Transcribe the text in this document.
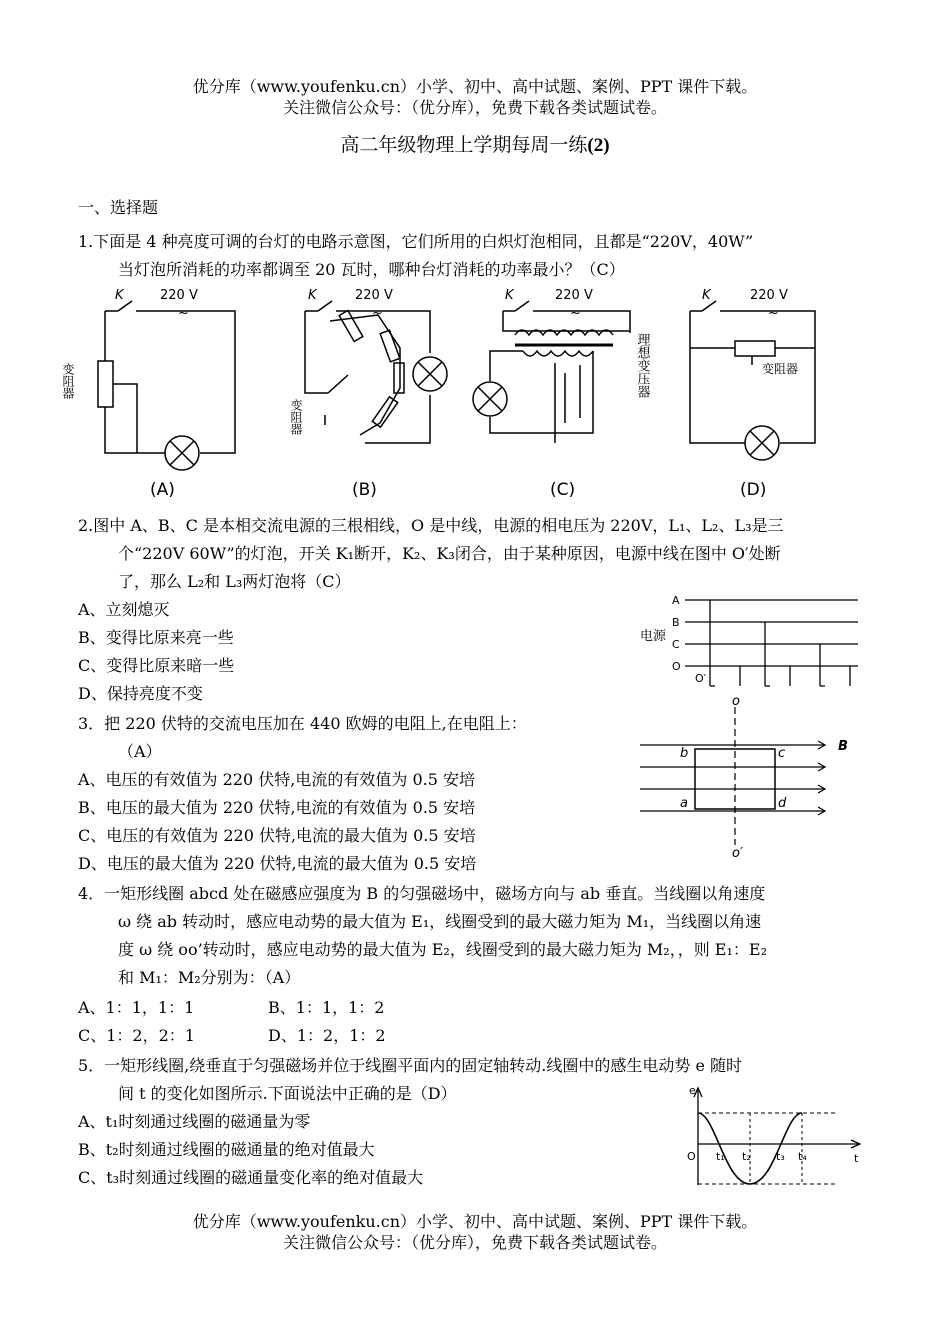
优分库（www.youfenku.cn）小学、初中、高中试题、案例、PPT 课件下载。
关注微信公众号：（优分库），免费下载各类试题试卷。
高二年级物理上学期每周一练(2)
一、选择题
1.下面是 4 种亮度可调的台灯的电路示意图，它们所用的白炽灯泡相同，且都是“220V，40W”
当灯泡所消耗的功率都调至 20 瓦时，哪种台灯消耗的功率最小？（C）
K	220 V
~
变阻器
(A)
K	220 V
~
变阻器
(B)
K	220 V
~
理想变压器
(C)
K	220 V
~
变阻器
(D)
2.图中 A、B、C 是本相交流电源的三根相线，O 是中线，电源的相电压为 220V，L₁、L₂、L₃是三
个“220V 60W”的灯泡，开关 K₁断开，K₂、K₃闭合，由于某种原因，电源中线在图中 O′处断
了，那么 L₂和 L₃两灯泡将（C）
A、立刻熄灭
B、变得比原来亮一些
C、变得比原来暗一些
D、保持亮度不变
A
B
C
O
电源
O′
3．把 220 伏特的交流电压加在 440 欧姆的电阻上,在电阻上：
（A）
A、电压的有效值为 220 伏特,电流的有效值为 0.5 安培
B、电压的最大值为 220 伏特,电流的有效值为 0.5 安培
C、电压的有效值为 220 伏特,电流的最大值为 0.5 安培
D、电压的最大值为 220 伏特,电流的最大值为 0.5 安培
o
o′
b	c
a	d
B
4．一矩形线圈 abcd 处在磁感应强度为 B 的匀强磁场中，磁场方向与 ab 垂直。当线圈以角速度
ω 绕 ab 转动时，感应电动势的最大值为 E₁，线圈受到的最大磁力矩为 M₁，当线圈以角速
度 ω 绕 oo’转动时，感应电动势的最大值为 E₂，线圈受到的最大磁力矩为 M₂，，则 E₁：E₂
和 M₁：M₂分别为：（A）
A、1：1，1：1	B、1：1，1：2
C、1：2，2：1	D、1：2，1：2
5．一矩形线圈,绕垂直于匀强磁场并位于线圈平面内的固定轴转动.线圈中的感生电动势 e 随时
间 t 的变化如图所示.下面说法中正确的是（D）
A、t₁时刻通过线圈的磁通量为零
B、t₂时刻通过线圈的磁通量的绝对值最大
C、t₃时刻通过线圈的磁通量变化率的绝对值最大
e
t
O t₁ t₂ t₃ t₄
优分库（www.youfenku.cn）小学、初中、高中试题、案例、PPT 课件下载。
关注微信公众号：（优分库），免费下载各类试题试卷。
